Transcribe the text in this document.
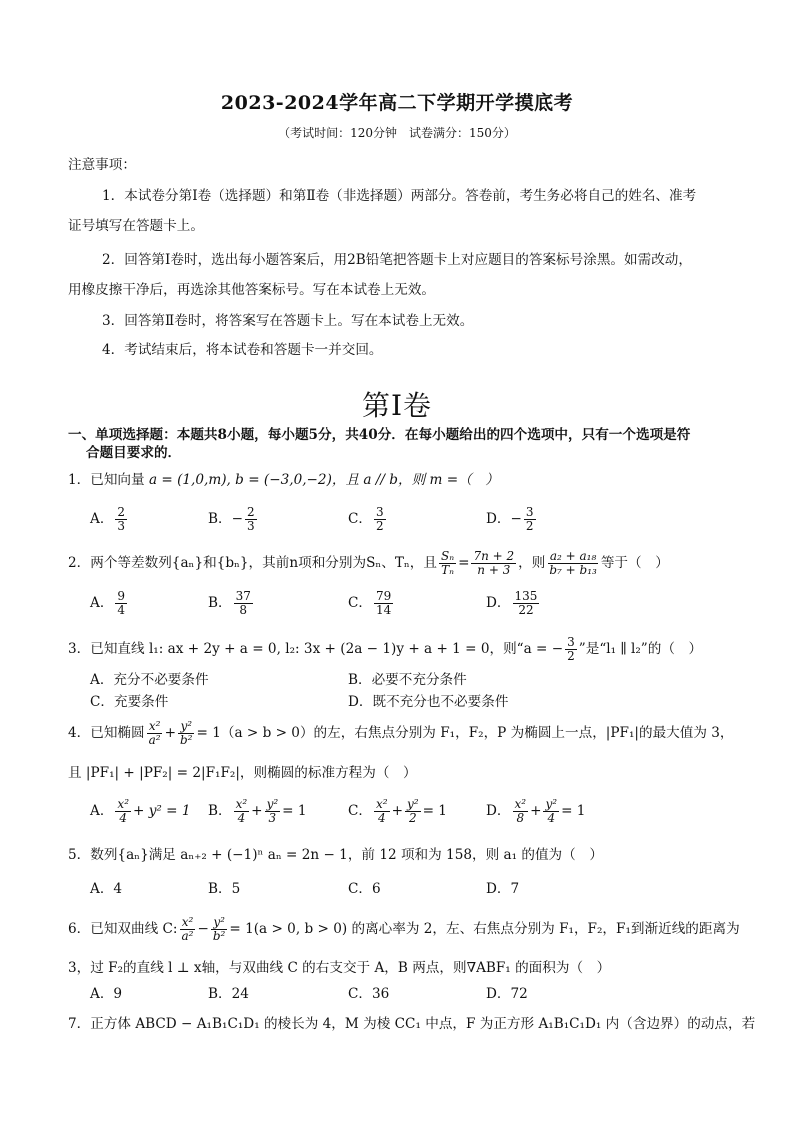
2023-2024学年高二下学期开学摸底考
（考试时间：120分钟　试卷满分：150分）
注意事项：
1．本试卷分第Ⅰ卷（选择题）和第Ⅱ卷（非选择题）两部分。答卷前，考生务必将自己的姓名、准考
证号填写在答题卡上。
2．回答第Ⅰ卷时，选出每小题答案后，用2B铅笔把答题卡上对应题目的答案标号涂黑。如需改动，
用橡皮擦干净后，再选涂其他答案标号。写在本试卷上无效。
3．回答第Ⅱ卷时，将答案写在答题卡上。写在本试卷上无效。
4．考试结束后，将本试卷和答题卡一并交回。
第Ⅰ卷
一、单项选择题：本题共8小题，每小题5分，共40分．在每小题给出的四个选项中，只有一个选项是符
合题目要求的．
1．已知向量 a = (1,0,m), b = (−3,0,−2)，且 a // b，则 m =（　）
A． $\frac{2}{3}$	B．− $\frac{2}{3}$	C． $\frac{3}{2}$	D．− $\frac{3}{2}$
2．两个等差数列{aₙ}和{bₙ}，其前n项和分别为Sₙ、Tₙ，且 $\frac{\text{Sₙ}}{\text{Tₙ}} = \frac{7n + 2}{n + 3}$ ，则 $\frac{\text{a₂ + a₁₈}}{\text{b₇ + b₁₃}}$ 等于（　）
A． $\frac{9}{4}$	B． $\frac{37}{8}$	C． $\frac{79}{14}$	D． $\frac{135}{22}$
3．已知直线 l₁: ax + 2y + a = 0, l₂: 3x + (2a − 1)y + a + 1 = 0，则“a = − $\frac{3}{2}$ ”是“l₁ ∥ l₂”的（　）
A．充分不必要条件	B．必要不充分条件
C．充要条件	D．既不充分也不必要条件
4．已知椭圆 $\frac{\text{x²}}{\text{a²}} + \frac{\text{y²}}{\text{b²}} = 1(a > b > 0)$的左，右焦点分别为 F₁，F₂，P 为椭圆上一点，|PF₁|的最大值为 3，
且 |PF₁| + |PF₂| = 2|F₁F₂|，则椭圆的标准方程为（　）
A． $\frac{\text{x²}}{4} + y^2 = 1$ B． $\frac{\text{x²}}{4} + \frac{\text{y²}}{3} = 1$	C． $\frac{\text{x²}}{4} + \frac{\text{y²}}{2} = 1$	D． $\frac{\text{x²}}{8} + \frac{\text{y²}}{4} = 1$
5．数列{aₙ}满足 aₙ₊₂ + (−1)ⁿ aₙ = 2n − 1，前 12 项和为 158，则 a₁ 的值为（　）
A．4	B．5	C．6	D．7
6．已知双曲线 C: $\frac{\text{x²}}{\text{a²}} - \frac{\text{y²}}{\text{b²}} = 1(a > 0$, b > 0) 的离心率为 2，左、右焦点分别为 F₁，F₂，F₁到渐近线的距离为
3，过 F₂的直线 l ⊥ x轴，与双曲线 C 的右支交于 A，B 两点，则∇ABF₁ 的面积为（　）
A．9	B．24	C．36	D．72
7．正方体 ABCD − A₁B₁C₁D₁ 的棱长为 4，M 为棱 CC₁ 中点，F 为正方形 A₁B₁C₁D₁ 内（含边界）的动点，若
